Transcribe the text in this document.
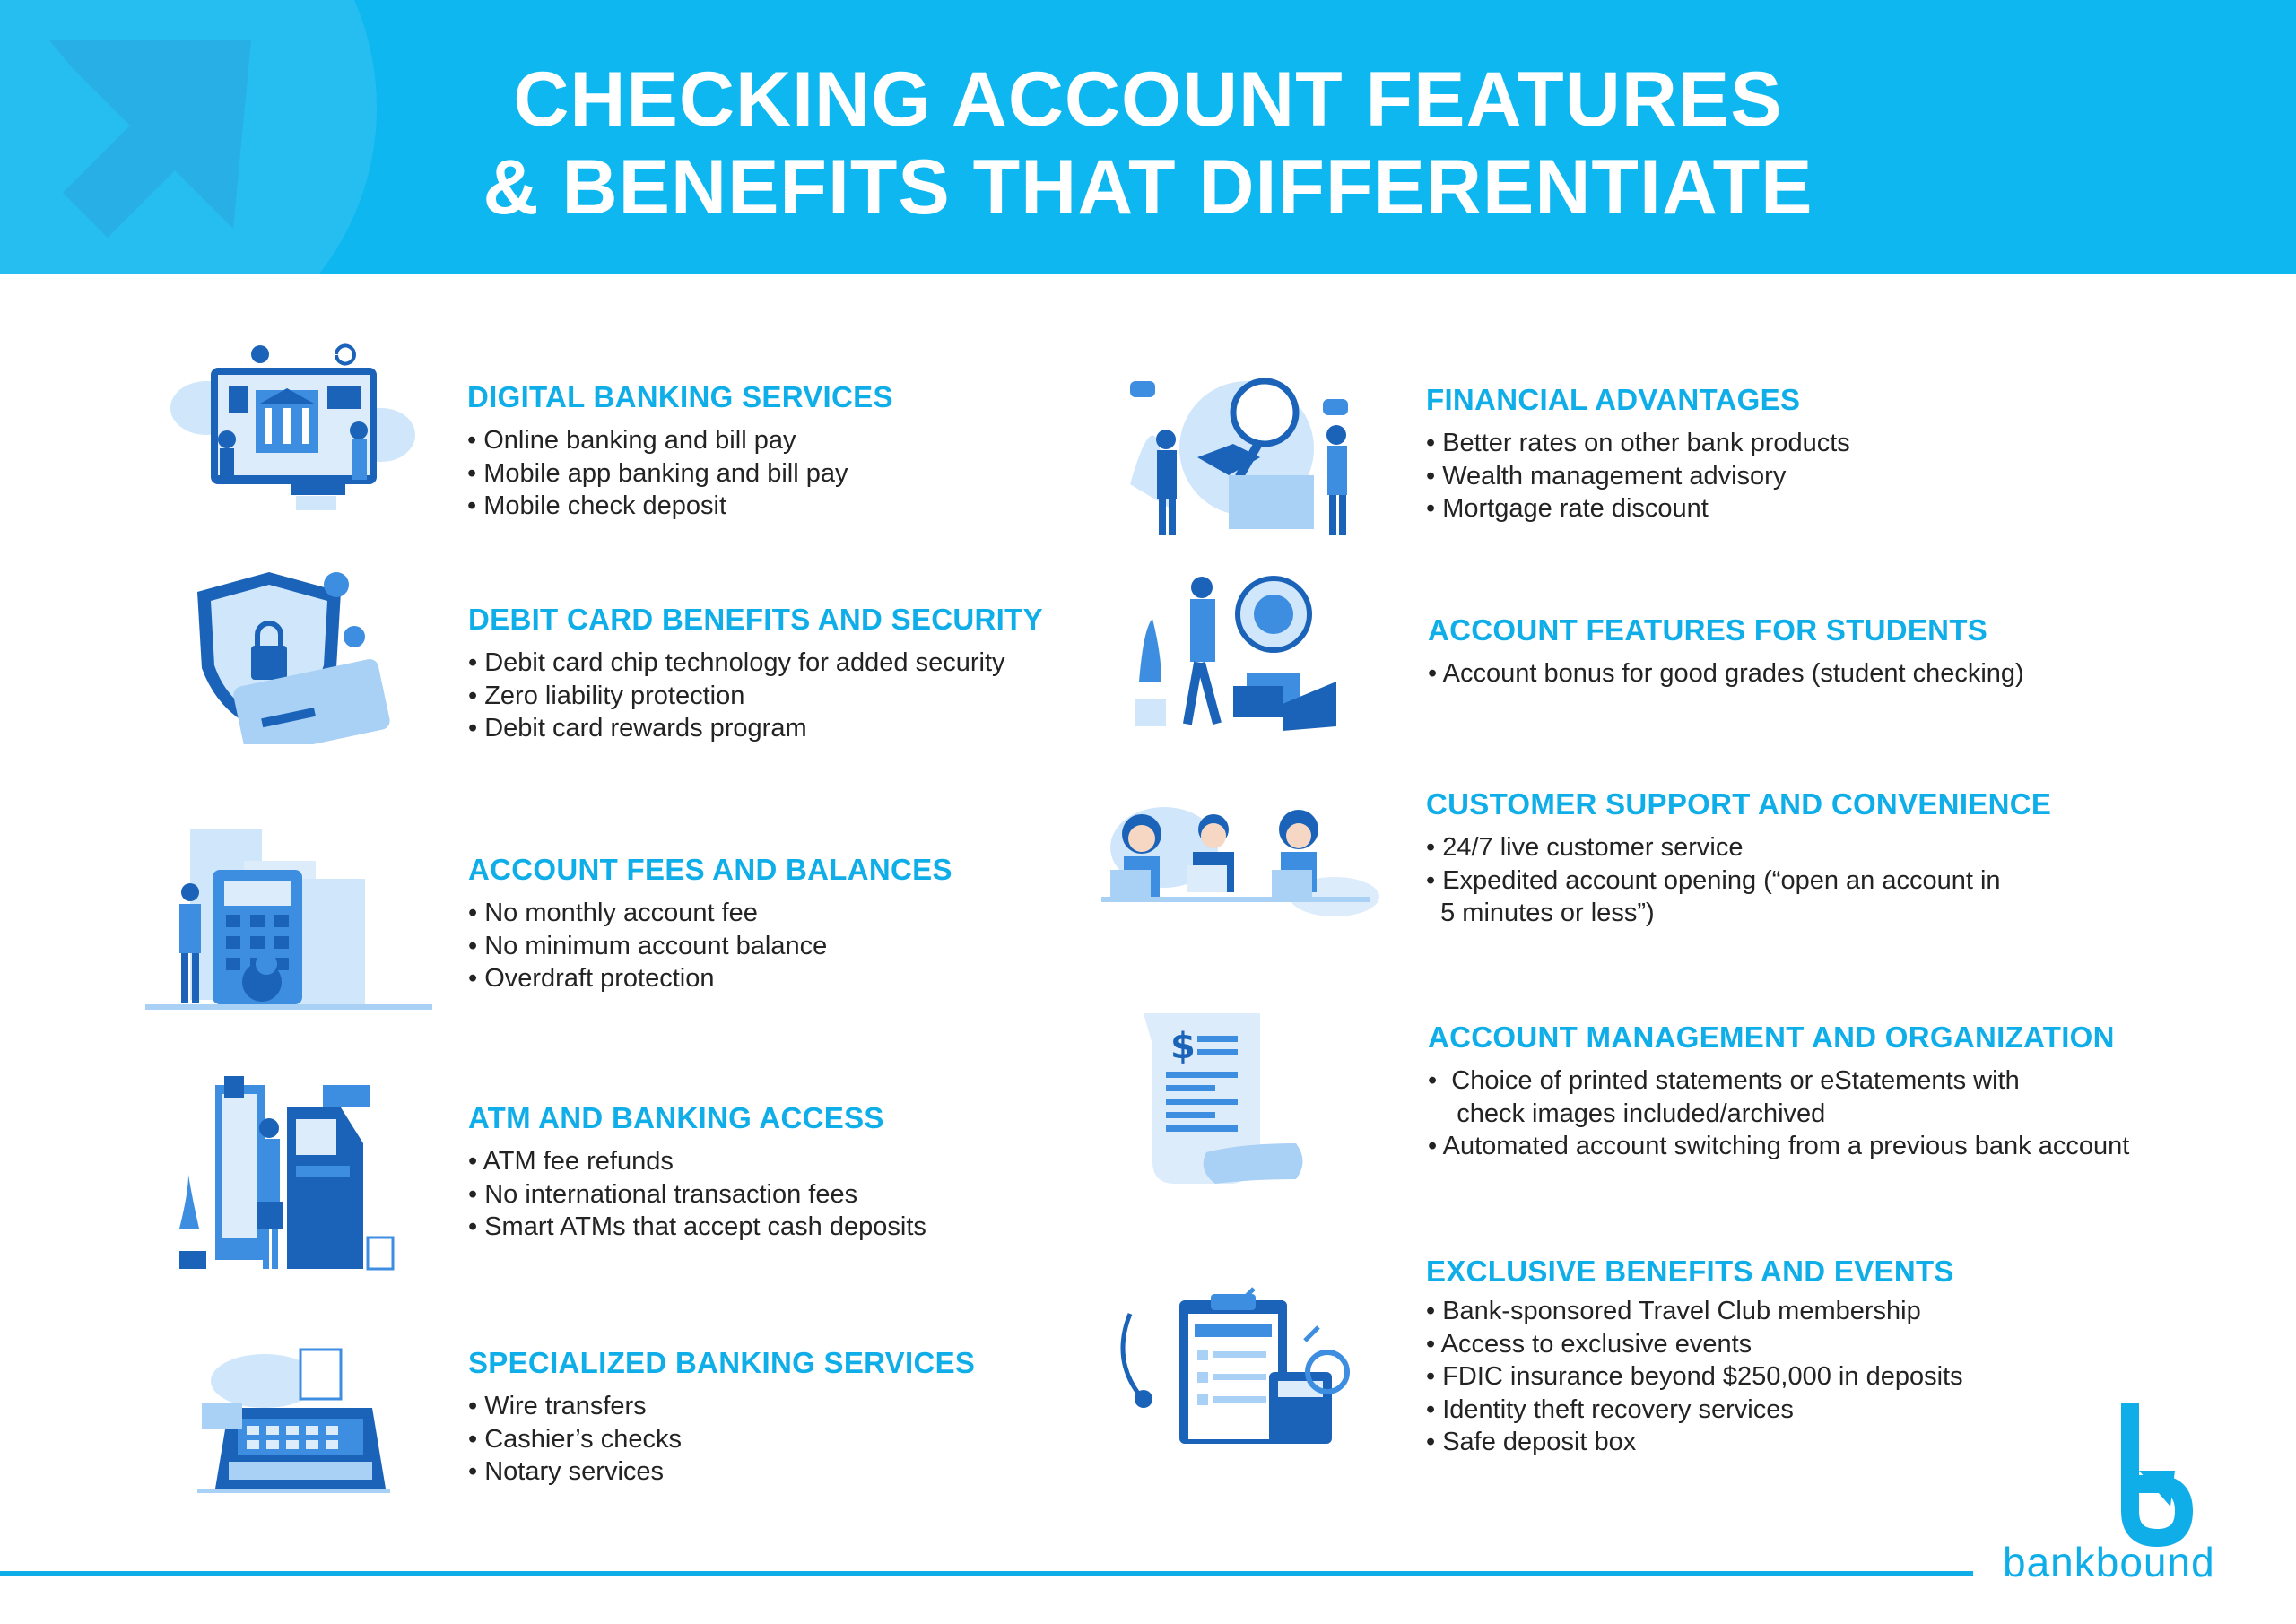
CHECKING ACCOUNT FEATURES
& BENEFITS THAT DIFFERENTIATE
DIGITAL BANKING SERVICES
• Online banking and bill pay
• Mobile app banking and bill pay
• Mobile check deposit
DEBIT CARD BENEFITS AND SECURITY
• Debit card chip technology for added security
• Zero liability protection
• Debit card rewards program
ACCOUNT FEES AND BALANCES
• No monthly account fee
• No minimum account balance
• Overdraft protection
ATM AND BANKING ACCESS
• ATM fee refunds
• No international transaction fees
• Smart ATMs that accept cash deposits
SPECIALIZED BANKING SERVICES
• Wire transfers
• Cashier’s checks
• Notary services
FINANCIAL ADVANTAGES
• Better rates on other bank products
• Wealth management advisory
• Mortgage rate discount
ACCOUNT FEATURES FOR STUDENTS
• Account bonus for good grades (student checking)
CUSTOMER SUPPORT AND CONVENIENCE
• 24/7 live customer service
• Expedited account opening (“open an account in
5 minutes or less”)
$	ACCOUNT MANAGEMENT AND ORGANIZATION
•  Choice of printed statements or eStatements with
check images included/archived
• Automated account switching from a previous bank account
EXCLUSIVE BENEFITS AND EVENTS
• Bank-sponsored Travel Club membership
• Access to exclusive events
• FDIC insurance beyond $250,000 in deposits
• Identity theft recovery services
• Safe deposit box
bankbound
